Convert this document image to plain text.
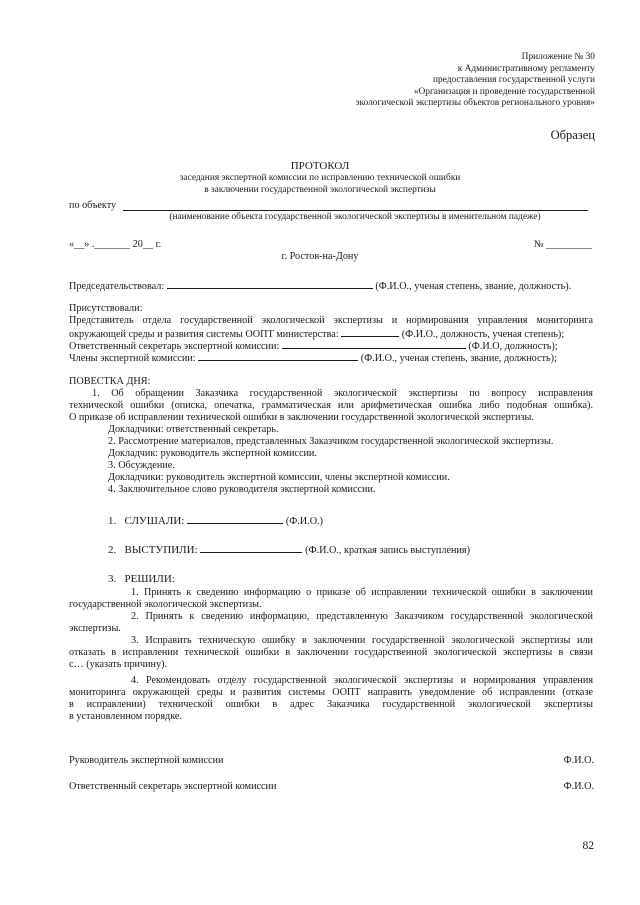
Приложение № 30
к Административному регламенту
предоставления государственной услуги
«Организация и проведение государственной
экологической экспертизы объектов регионального уровня»
Образец
ПРОТОКОЛ
заседания экспертной комиссии по исправлению технической ошибки
в заключении государственной экологической экспертизы
по объекту
(наименование объекта государственной экологической экспертизы в именительном падеже)
«__» ._______ 20__ г.	№ _________
г. Ростов-на-Дону
Председательствовал:	(Ф.И.О., ученая степень, звание, должность).
Присутствовали:
Представитель отдела государственной экологической экспертизы и нормирования управления мониторинга
окружающей среды и развития системы ООПТ министерства:	(Ф.И.О., должность, ученая степень);
Ответственный секретарь экспертной комиссии:	(Ф.И.О, должность);
Члены экспертной комиссии:	(Ф.И.О., ученая степень, звание, должность);
ПОВЕСТКА ДНЯ:
1. Об обращении Заказчика государственной экологической экспертизы по вопросу исправления
технической ошибки (описка, опечатка, грамматическая или арифметическая ошибка либо подобная ошибка).
О приказе об исправлении технической ошибки в заключении государственной экологической экспертизы.
Докладчики: ответственный секретарь.
2. Рассмотрение материалов, представленных Заказчиком государственной экологической экспертизы.
Докладчик: руководитель экспертной комиссии.
3. Обсуждение.
Докладчики: руководитель экспертной комиссии, члены экспертной комиссии.
4. Заключительное слово руководителя экспертной комиссии.
1. СЛУШАЛИ:	(Ф.И.О.)
2. ВЫСТУПИЛИ:	(Ф.И.О., краткая запись выступления)
3. РЕШИЛИ:
1. Принять к сведению информацию о приказе об исправлении технической ошибки в заключении
государственной экологической экспертизы.
2. Принять к сведению информацию, представленную Заказчиком государственной экологической
экспертизы.
3. Исправить техническую ошибку в заключении государственной экологической экспертизы или
отказать в исправлении технической ошибки в заключении государственной экологической экспертизы в связи
с… (указать причину).
4. Рекомендовать отделу государственной экологической экспертизы и нормирования управления
мониторинга окружающей среды и развития системы ООПТ направить уведомление об исправлении (отказе
в исправлении) технической ошибки в адрес Заказчика государственной экологической экспертизы
в установленном порядке.
Руководитель экспертной комиссии	Ф.И.О.
Ответственный секретарь экспертной комиссии	Ф.И.О.
82
